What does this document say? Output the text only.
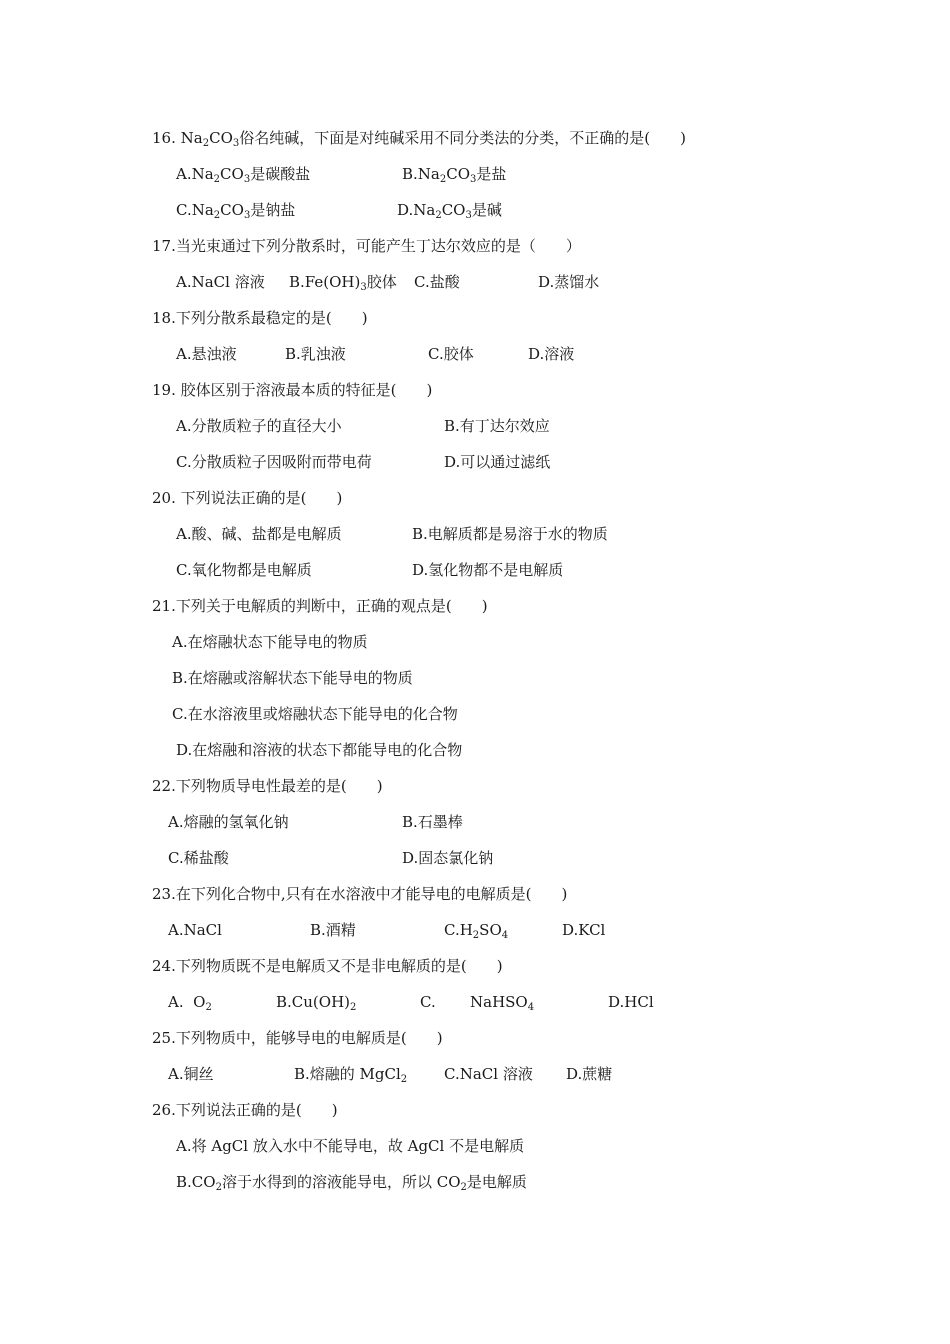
16. $Na_2CO_3$俗名纯碱，下面是对纯碱采用不同分类法的分类，不正确的是(　　)
$A.Na_2CO_3$是碳酸盐	$B.Na_2CO_3$是盐
$C.Na_2CO_3$是钠盐	$D.Na_2CO_3$是碱
17.当光束通过下列分散系时，可能产生丁达尔效应的是（　　）
A.NaCl 溶液 $B.Fe(OH)_3$胶体 C.盐酸	D.蒸馏水
18.下列分散系最稳定的是(　　)
A.悬浊液	B.乳浊液	C.胶体	D.溶液
19. 胶体区别于溶液最本质的特征是(　　)
A.分散质粒子的直径大小	B.有丁达尔效应
C.分散质粒子因吸附而带电荷	D.可以通过滤纸
20. 下列说法正确的是(　　)
A.酸、碱、盐都是电解质	B.电解质都是易溶于水的物质
C.氧化物都是电解质	D.氢化物都不是电解质
21.下列关于电解质的判断中，正确的观点是(　　)
A.在熔融状态下能导电的物质
B.在熔融或溶解状态下能导电的物质
C.在水溶液里或熔融状态下能导电的化合物
D.在熔融和溶液的状态下都能导电的化合物
22.下列物质导电性最差的是(　　)
A.熔融的氢氧化钠	B.石墨棒
C.稀盐酸	D.固态氯化钠
23.在下列化合物中,只有在水溶液中才能导电的电解质是(　　)
A.NaCl	B.酒精	$C.H_2SO_4$	D.KCl
24.下列物质既不是电解质又不是非电解质的是(　　)
A.  $O_2$	$B.Cu(OH)_2$	C. NaHSO$_4$	D.HCl
25.下列物质中，能够导电的电解质是(　　)
A.铜丝	B.熔融的 MgCl$_2$ C.NaCl 溶液 D.蔗糖
26.下列说法正确的是(　　)
A.将 AgCl 放入水中不能导电，故 AgCl 不是电解质
$B.CO_2$溶于水得到的溶液能导电，所以 $CO_2$是电解质
